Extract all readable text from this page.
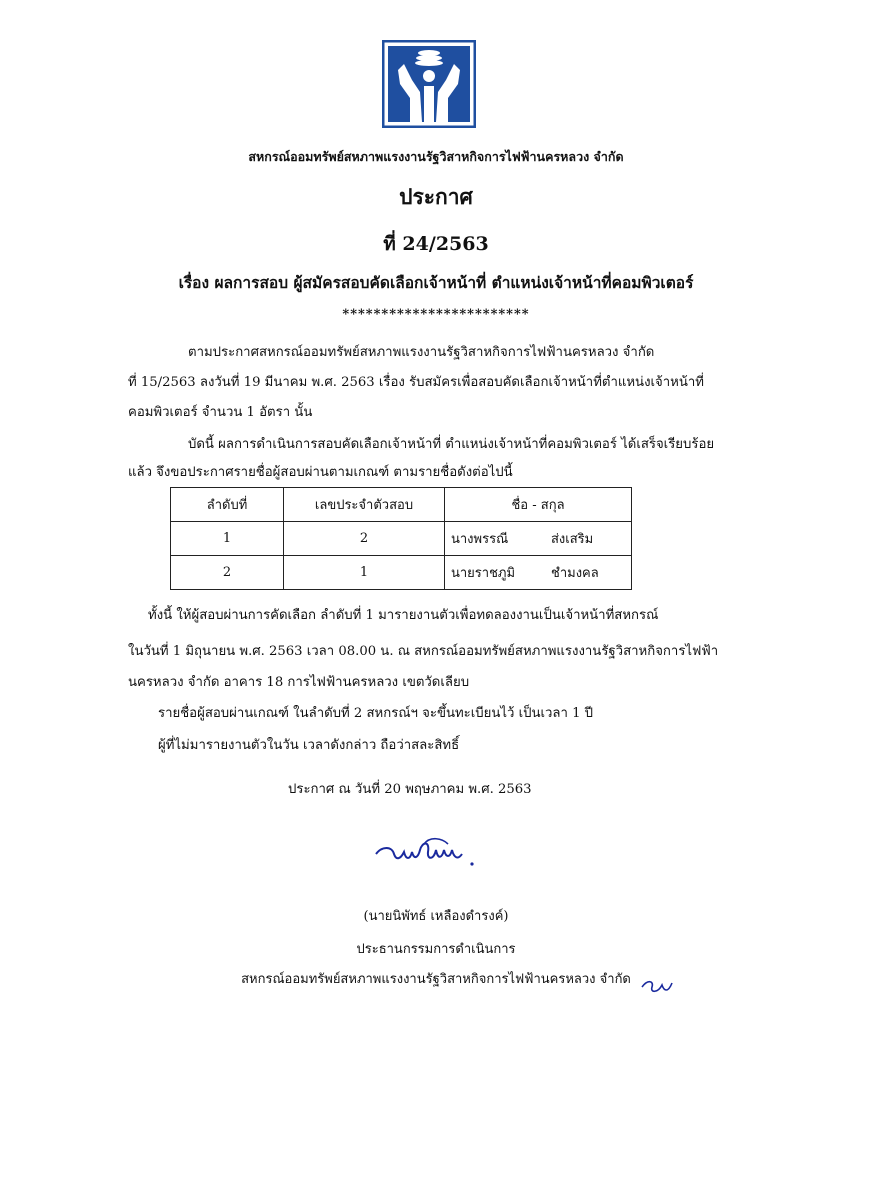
สหกรณ์ออมทรัพย์สหภาพแรงงานรัฐวิสาหกิจการไฟฟ้านครหลวง จำกัด
ประกาศ
ที่ 24/2563
เรื่อง ผลการสอบ ผู้สมัครสอบคัดเลือกเจ้าหน้าที่ ตำแหน่งเจ้าหน้าที่คอมพิวเตอร์
************************
ตามประกาศสหกรณ์ออมทรัพย์สหภาพแรงงานรัฐวิสาหกิจการไฟฟ้านครหลวง จำกัด
ที่ 15/2563 ลงวันที่ 19 มีนาคม พ.ศ. 2563 เรื่อง รับสมัครเพื่อสอบคัดเลือกเจ้าหน้าที่ตำแหน่งเจ้าหน้าที่
คอมพิวเตอร์ จำนวน 1 อัตรา นั้น
บัดนี้ ผลการดำเนินการสอบคัดเลือกเจ้าหน้าที่ ตำแหน่งเจ้าหน้าที่คอมพิวเตอร์ ได้เสร็จเรียบร้อย
แล้ว จึงขอประกาศรายชื่อผู้สอบผ่านตามเกณฑ์ ตามรายชื่อดังต่อไปนี้
ลำดับที่	เลขประจำตัวสอบ	ชื่อ - สกุล
1	2	นางพรรณี ส่งเสริม
2	1	นายราชภูมิ ชำมงคล
ทั้งนี้ ให้ผู้สอบผ่านการคัดเลือก ลำดับที่ 1 มารายงานตัวเพื่อทดลองงานเป็นเจ้าหน้าที่สหกรณ์
ในวันที่ 1 มิถุนายน พ.ศ. 2563 เวลา 08.00 น. ณ สหกรณ์ออมทรัพย์สหภาพแรงงานรัฐวิสาหกิจการไฟฟ้า
นครหลวง จำกัด อาคาร 18 การไฟฟ้านครหลวง เขตวัดเลียบ
รายชื่อผู้สอบผ่านเกณฑ์ ในลำดับที่ 2 สหกรณ์ฯ จะขึ้นทะเบียนไว้ เป็นเวลา 1 ปี
ผู้ที่ไม่มารายงานตัวในวัน เวลาดังกล่าว ถือว่าสละสิทธิ์
ประกาศ ณ วันที่ 20 พฤษภาคม พ.ศ. 2563
(นายนิพัทธ์ เหลืองดำรงค์)
ประธานกรรมการดำเนินการ
สหกรณ์ออมทรัพย์สหภาพแรงงานรัฐวิสาหกิจการไฟฟ้านครหลวง จำกัด
